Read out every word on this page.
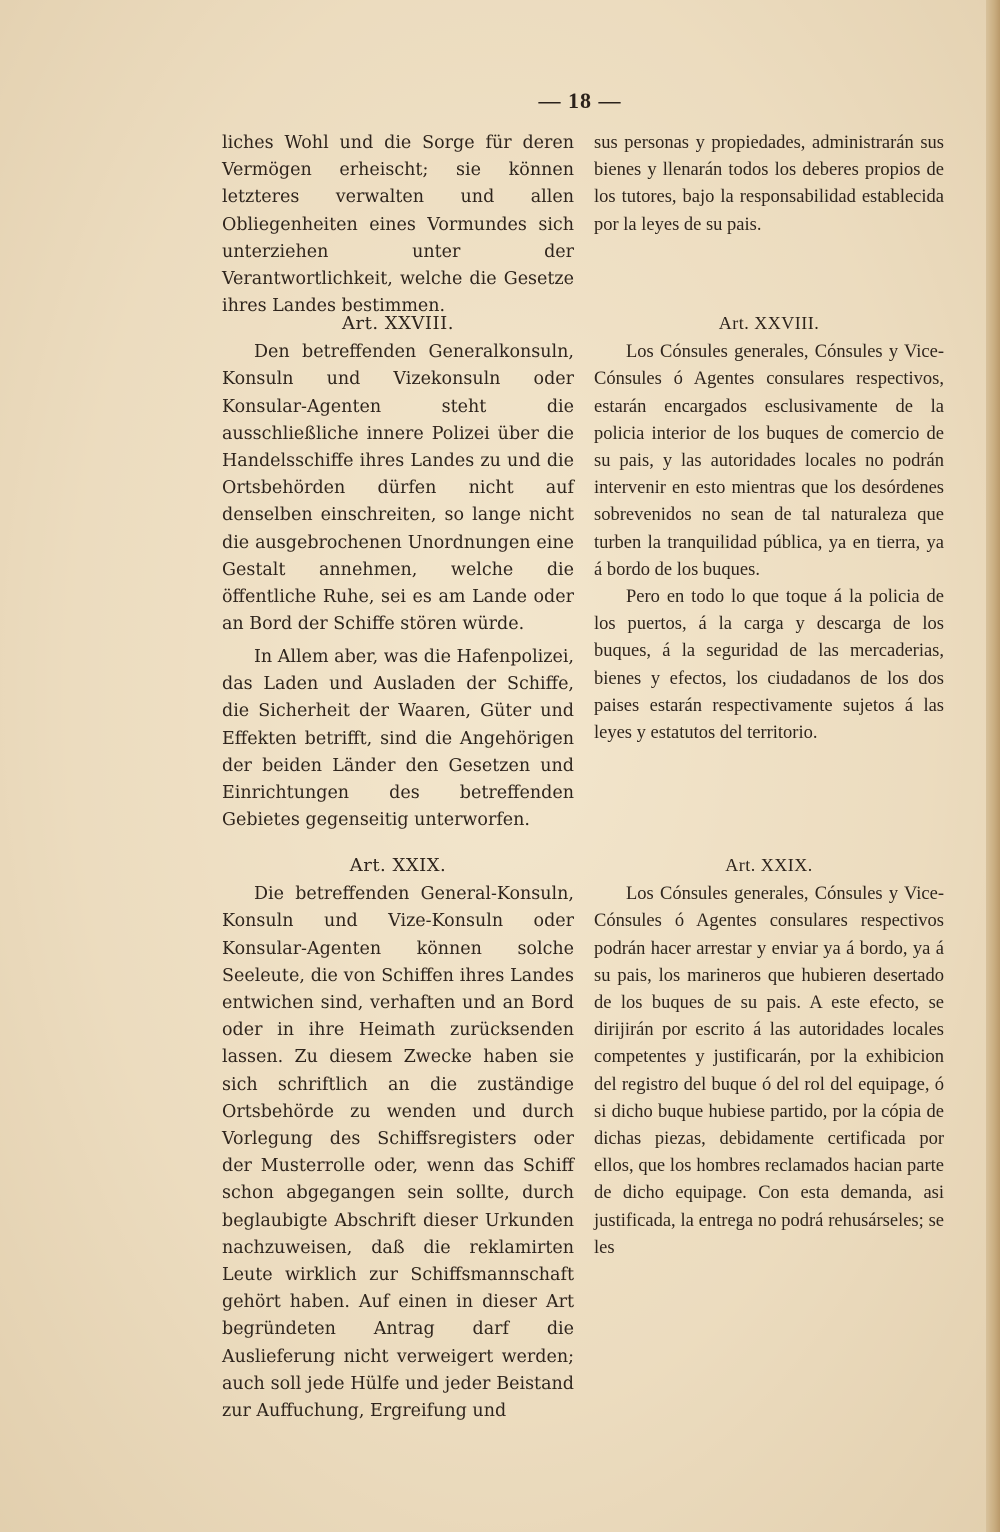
— 18 —

liches Wohl und die Sorge für deren Vermögen erheischt; sie können letzteres verwalten und allen Obliegenheiten eines Vormundes sich unterziehen unter der Verantwortlichkeit, welche die Gesetze ihres Landes bestimmen.

Art. XXVIII.

Den betreffenden Generalkonsuln, Konsuln und Vizekonsuln oder Konsular-Agenten steht die ausschließliche innere Polizei über die Handelsschiffe ihres Landes zu und die Ortsbehörden dürfen nicht auf denselben einschreiten, so lange nicht die ausgebrochenen Unordnungen eine Gestalt annehmen, welche die öffentliche Ruhe, sei es am Lande oder an Bord der Schiffe stören würde.

In Allem aber, was die Hafenpolizei, das Laden und Ausladen der Schiffe, die Sicherheit der Waaren, Güter und Effekten betrifft, sind die Angehörigen der beiden Länder den Gesetzen und Einrichtungen des betreffenden Gebietes gegenseitig unterworfen.

Art. XXIX.

Die betreffenden General-Konsuln, Konsuln und Vize-Konsuln oder Konsular-Agenten können solche Seeleute, die von Schiffen ihres Landes entwichen sind, verhaften und an Bord oder in ihre Heimath zurücksenden lassen. Zu diesem Zwecke haben sie sich schriftlich an die zuständige Ortsbehörde zu wenden und durch Vorlegung des Schiffsregisters oder der Musterrolle oder, wenn das Schiff schon abgegangen sein sollte, durch beglaubigte Abschrift dieser Urkunden nachzuweisen, daß die reklamirten Leute wirklich zur Schiffsmannschaft gehört haben. Auf einen in dieser Art begründeten Antrag darf die Auslieferung nicht verweigert werden; auch soll jede Hülfe und jeder Beistand zur Auffuchung, Ergreifung und

sus personas y propiedades, administrarán sus bienes y llenarán todos los deberes propios de los tutores, bajo la responsabilidad establecida por la leyes de su pais.

Art. XXVIII.

Los Cónsules generales, Cónsules y Vice-Cónsules ó Agentes consulares respectivos, estarán encargados esclusivamente de la policia interior de los buques de comercio de su pais, y las autoridades locales no podrán intervenir en esto mientras que los desórdenes sobrevenidos no sean de tal naturaleza que turben la tranquilidad pública, ya en tierra, ya á bordo de los buques.

Pero en todo lo que toque á la policia de los puertos, á la carga y descarga de los buques, á la seguridad de las mercaderias, bienes y efectos, los ciudadanos de los dos paises estarán respectivamente sujetos á las leyes y estatutos del territorio.

Art. XXIX.

Los Cónsules generales, Cónsules y Vice-Cónsules ó Agentes consulares respectivos podrán hacer arrestar y enviar ya á bordo, ya á su pais, los marineros que hubieren desertado de los buques de su pais. A este efecto, se dirijirán por escrito á las autoridades locales competentes y justificarán, por la exhibicion del registro del buque ó del rol del equipage, ó si dicho buque hubiese partido, por la cópia de dichas piezas, debidamente certificada por ellos, que los hombres reclamados hacian parte de dicho equipage. Con esta demanda, asi justificada, la entrega no podrá rehusárseles; se les
